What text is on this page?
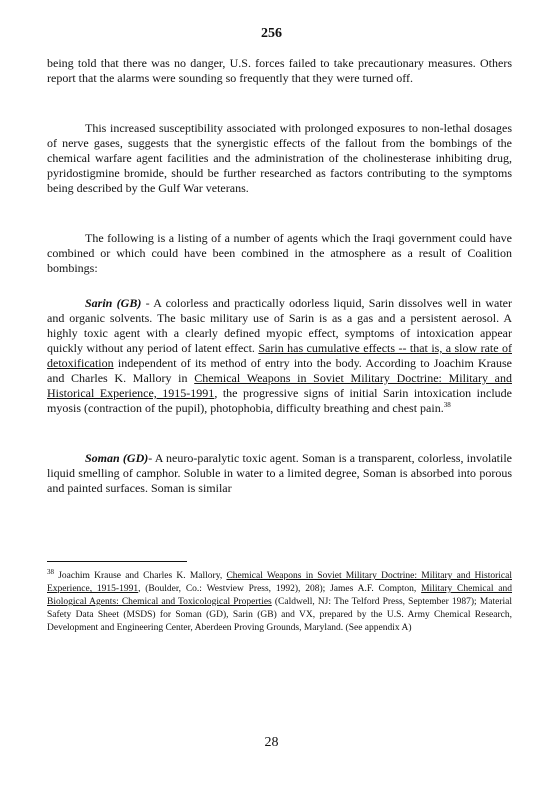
256

being told that there was no danger, U.S. forces failed to take precautionary measures. Others report that the alarms were sounding so frequently that they were turned off.

This increased susceptibility associated with prolonged exposures to non-lethal dosages of nerve gases, suggests that the synergistic effects of the fallout from the bombings of the chemical warfare agent facilities and the administration of the cholinesterase inhibiting drug, pyridostigmine bromide, should be further researched as factors contributing to the symptoms being described by the Gulf War veterans.

The following is a listing of a number of agents which the Iraqi government could have combined or which could have been combined in the atmosphere as a result of Coalition bombings:

Sarin (GB) - A colorless and practically odorless liquid, Sarin dissolves well in water and organic solvents. The basic military use of Sarin is as a gas and a persistent aerosol. A highly toxic agent with a clearly defined myopic effect, symptoms of intoxication appear quickly without any period of latent effect. Sarin has cumulative effects -- that is, a slow rate of detoxification independent of its method of entry into the body. According to Joachim Krause and Charles K. Mallory in Chemical Weapons in Soviet Military Doctrine: Military and Historical Experience, 1915-1991, the progressive signs of initial Sarin intoxication include myosis (contraction of the pupil), photophobia, difficulty breathing and chest pain.$^{38}$

Soman (GD)- A neuro-paralytic toxic agent. Soman is a transparent, colorless, involatile liquid smelling of camphor. Soluble in water to a limited degree, Soman is absorbed into porous and painted surfaces. Soman is similar

$^{38}$ Joachim Krause and Charles K. Mallory, Chemical Weapons in Soviet Military Doctrine: Military and Historical Experience, 1915-1991, (Boulder, Co.: Westview Press, 1992), 208); James A.F. Compton, Military Chemical and Biological Agents: Chemical and Toxicological Properties (Caldwell, NJ: The Telford Press, September 1987); Material Safety Data Sheet (MSDS) for Soman (GD), Sarin (GB) and VX, prepared by the U.S. Army Chemical Research, Development and Engineering Center, Aberdeen Proving Grounds, Maryland. (See appendix A)

28
